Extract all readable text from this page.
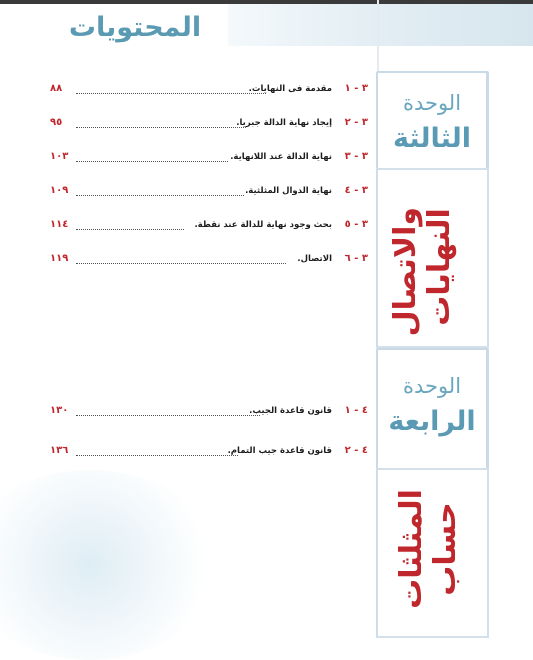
المحتويات
الوحدة
الثالثة
النهايات
والاتصال
الوحدة
الرابعة
حساب
المثلثات
٣ - ١
مقدمة فى النهايات.
٨٨
٣ - ٢
إيجاد نهاية الدالة جبريا.
٩٥
٣ - ٣
نهاية الدالة عند اللانهاية.
١٠٣
٣ - ٤
نهاية الدوال المثلثية.
١٠٩
٣ - ٥
بحث وجود نهاية للدالة عند نقطة.
١١٤
٣ - ٦
الاتصال.
١١٩
٤ - ١
قانون قاعدة الجيب.
١٣٠
٤ - ٢
قانون قاعدة جيب التمام.
١٣٦
